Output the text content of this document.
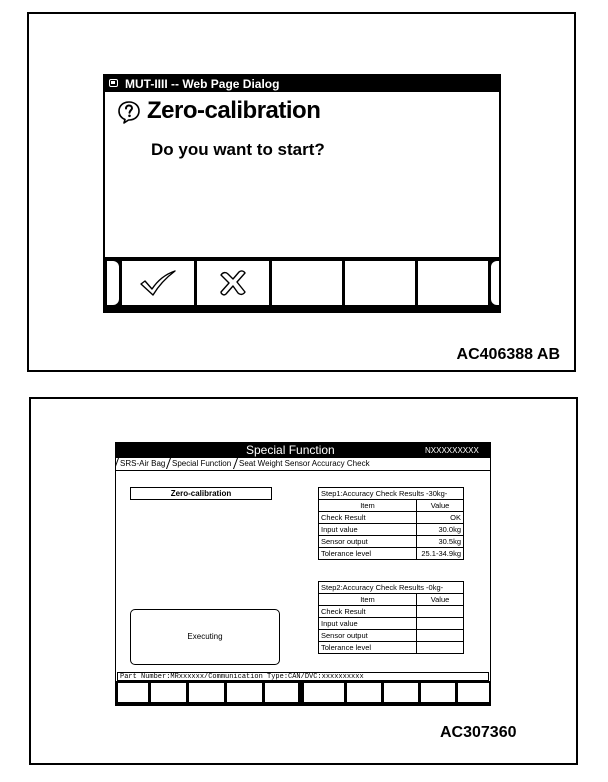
MUT-IIII -- Web Page Dialog
Zero-calibration
Do you want to start?
AC406388 AB
Special Function	NXXXXXXXXX
SRS-Air Bag Special Function Seat Weight Sensor Accuracy Check
Zero-calibration	Step1:Accuracy Check Results -30kg-	
Item	Value
Check Result	OK
Input value	30.0kg
Sensor output	30.5kg
Tolerance level	25.1-34.9kg
Step2:Accuracy Check Results -0kg-	
Item	Value
Check Result	
Input value	
Sensor output	
Tolerance level	
Executing
Part Number:MRxxxxxx/Communication Type:CAN/DVC:xxxxxxxxxx
AC307360
